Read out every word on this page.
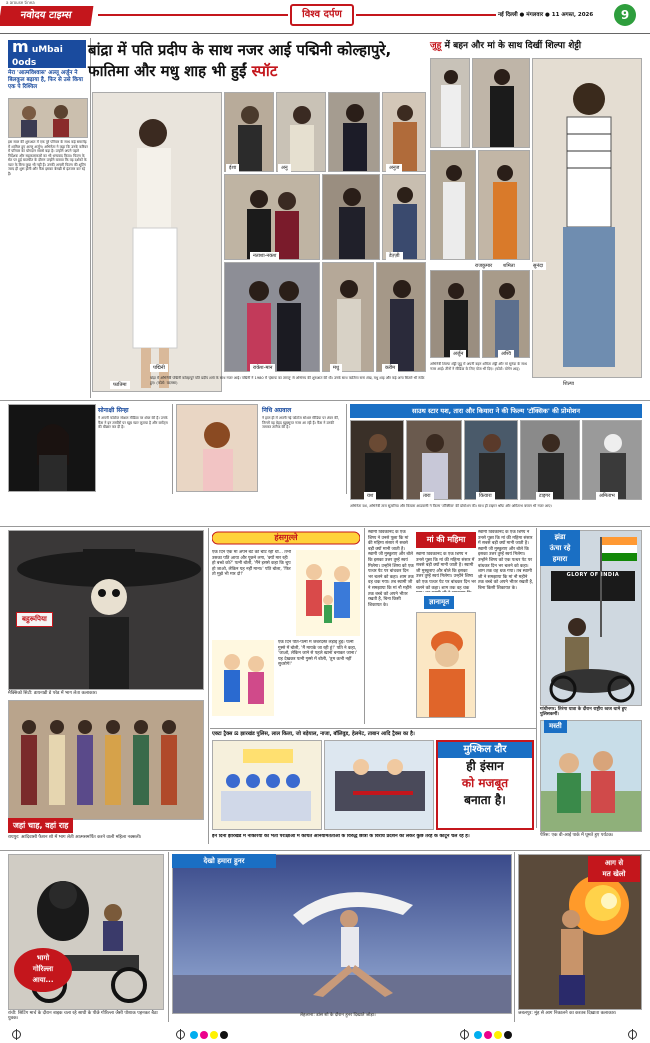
a arouse tinea
नवोदय टाइम्स	विश्व दर्पण	नई दिल्ली ● मंगलवार ● 11 अगस्त, 2026	9
m uMbai
0ods
मेरा 'आत्मविश्वास' अल्लू अर्जुन ने बिलकुल बढ़ाया है, फिर से उसे किया एक पे रिश्यिल
इस साल की शुरुआत में एक पूरे परिवार के साथ कई समारोह में शामिल हुए अल्लू अर्जुन। अभिनेता ने कहा कि उनके करियर में परिवार का योगदान सबसे बड़ा है। उन्होंने अपने पहले निर्देशक और सहकलाकारों का भी धन्यवाद किया। फिल्म के सेट पर हुई बातचीत के दौरान उन्होंने बताया कि वह दर्शकों के प्यार के बिना कुछ भी नहीं हैं। उनकी अगली फिल्म की शूटिंग जल्द ही शुरू होगी और फैंस इसका बेसब्री से इंतजार कर रहे हैं।
बांद्रा में पति प्रदीप के साथ नजर आई पद्मिनी कोल्हापुरे, फातिमा और मधु शाह भी हुईं स्पॉट
फातिमा
ईशा	अनु	अनुज
नताशा-नकश	डेज़्ज़ी
राकेश-मान	मधु	करीम
पद्मिनी
बांद्रा में अभिनेत्री पद्मिनी कोल्हापुरे पति प्रदीप शर्मा के साथ नजर आईं। पद्मिनी ने 1980 में 'इंसाफ का तराजू' से अभिनय की शुरुआत की थी। उनके साथ फातिमा सना शेख, मधु शाह और कई अन्य सितारे भी स्पॉट हुए। (फोटो: यदमसा)
जुहू में बहन और मां के साथ दिखीं शिल्पा शेट्टी
शिल्पा
राजकुमार	शमिता	सुनंदा
अर्जुन	अश्वि
अभिनेत्री शिल्पा शेट्टी जुहू में अपनी बहन शमिता शेट्टी और मां सुनंदा के साथ नजर आईं। तीनों ने मीडिया के लिए पोज भी दिए। (फोटो: योगेन शाह)
सोनाक्षी सिन्हा
ने अपनी फोटोज सोशल मीडिया पर शेयर की हैं। उनके फैंस ने इन तस्वीरों पर खूब प्यार लुटाया है और कमेंट्स की बौछार कर दी है।
निधि अग्रवाल
ने हाल ही में अपनी नई फोटोज सोशल मीडिया पर शेयर कीं, जिनमें वह बेहद खूबसूरत नजर आ रही हैं। फैंस ने उनकी जमकर तारीफ की है।
साउथ स्टार यश, तारा और कियारा ने की फिल्म 'टॉक्सिक' की प्रोमोशन
यश	तारा	कियारा	टाइगर	अमिताभ
अभिनेता यश, अभिनेत्री तारा सुतारिया और कियारा आडवाणी ने फिल्म 'टॉक्सिक' की प्रोमोशन की। साथ ही टाइगर श्रॉफ और अमिताभ बच्चन भी नजर आए।
बहुरूपिया
मैक्सिको सिटी: डायनाडी डे परेड में भाग लेता कलाकार।
जहां चाह, वहां राह
रायपुर: आदिवासी फैशन शो में भाग लेती आत्मसमर्पित करने वाली महिला नक्सली।
हंसगुल्ले
एक दिन एक मां अपने बेटे को चीट रही थी... तभी उसका पति आया और पूछने लगा, 'क्यों मार रही हो बच्चे को?' पत्नी बोली, 'मैंने इससे कहा कि चुप हो जाओ, लेकिन यह नहीं माना।' पति बोला, 'फिर तो मुझे भी मार दो!'
एक दिन पति-पत्नी में जबरदस्त लड़ाई हुई। पत्नी गुस्से में बोली, 'मैं मायके जा रही हूं!' पति ने कहा, 'जाओ, लेकिन जाने से पहले खाना बनाकर जाना।' यह देखकर पत्नी गुस्से में बोली, 'तुम कभी नहीं सुधरोगे!'
स्वामी विवेकानंद के एक शिष्य ने उनसे पूछा कि मां की महिमा संसार में सबसे बड़ी क्यों मानी जाती है। स्वामी जी मुस्कुराए और बोले कि इसका उत्तर तुम्हें स्वयं मिलेगा। उन्होंने शिष्य को एक पत्थर पेट पर बांधकर दिन भर चलने को कहा। शाम तक वह थक गया। तब स्वामी जी ने समझाया कि मां नौ महीने तक बच्चे को अपने भीतर रखती है, बिना किसी शिकायत के।
मां की महिमा
स्वामी विवेकानंद के एक शिष्य ने उनसे पूछा कि मां की महिमा संसार में सबसे बड़ी क्यों मानी जाती है। स्वामी जी मुस्कुराए और बोले कि इसका उत्तर तुम्हें स्वयं मिलेगा। उन्होंने शिष्य को एक पत्थर पेट पर बांधकर दिन भर चलने को कहा। शाम तक वह थक
ज्ञानामृत
स्वामी विवेकानंद के एक शिष्य ने उनसे पूछा कि मां की महिमा संसार में सबसे बड़ी क्यों मानी जाती है। स्वामी जी मुस्कुराए और बोले कि इसका उत्तर तुम्हें स्वयं मिलेगा। उन्होंने शिष्य को एक पत्थर पेट पर बांधकर दिन भर चलने को कहा। शाम तक वह थक गया। तब स्वामी जी ने समझाया कि मां नौ महीने तक बच्चे को अपने भीतर रखती है, बिना किसी शिकायत के।
GLORY OF INDIA
झंडा
ऊंचा रहे
हमारा
गांधीनगर: तिरंगा यात्रा के दौरान राष्ट्रीय ध्वज थामे हुए पुलिसकर्मी।
मस्ती
पेरिस: एक वी-आई पार्क में घूमते हुए पर्यटक।
एक्टा ट्रैक्स ⊠ झारखंड पुलिस, लाल किला, जो बड़ेयाल, नाजा, बॉलिवुड, हेलमेट, ताबान आदि ट्रैक्स का है।
मुश्किल दौर
ही इंसान
को मजबूत
बनाता है।
इन दिनों झारखंड में नौकरियों की भर्ती परीक्षाओं में कथित अनियमितताओं के विरुद्ध छात्रों के विरोध प्रदर्शन को लेकर कुछ तरह के कार्टून चल रहे हैं।
भागो
गोरिल्ला
आया...
रांची: सिटिंग मार्च के दौरान बाइक चला रहे साथी के पीछे गोरिल्ला जैसी पोशाक पहनकर बैठा युवक।
देखो हमारा हुनर
लेहलाना: डांस शो के दौरान हुनर दिखाते जोड़ा।
आग से
मत खेलो
जबलपुर: मुंह से आग निकालने का करतब दिखाता कलाकार।
